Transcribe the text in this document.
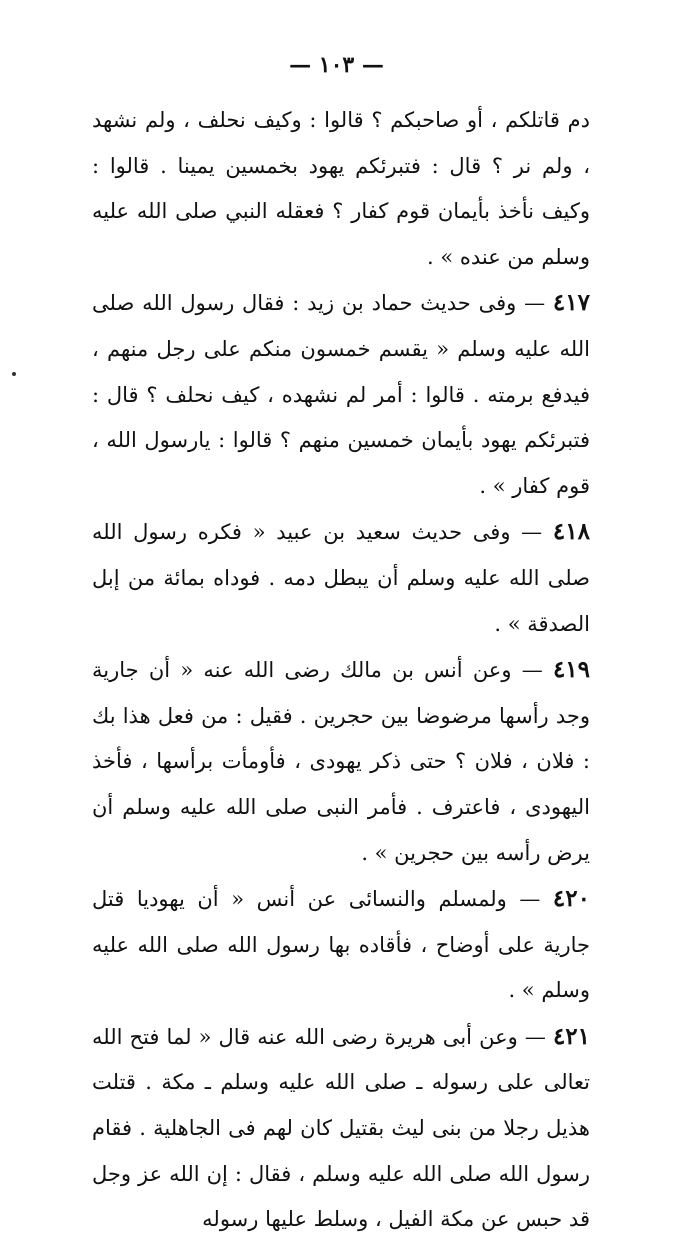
— ١٠٣ —

دم قاتلكم ، أو صاحبكم ؟ قالوا : وكيف نحلف ، ولم نشهد ، ولم نر ؟ قال : فتبرئكم يهود بخمسين يمينا . قالوا : وكيف نأخذ بأيمان قوم كفار ؟ فعقله النبي صلى الله عليه وسلم من عنده » .

٤١٧ — وفى حديث حماد بن زيد : فقال رسول الله صلى الله عليه وسلم « يقسم خمسون منكم على رجل منهم ، فيدفع برمته . قالوا : أمر لم نشهده ، كيف نحلف ؟ قال : فتبرئكم يهود بأيمان خمسين منهم ؟ قالوا : يارسول الله ، قوم كفار » .

٤١٨ — وفى حديث سعيد بن عبيد « فكره رسول الله صلى الله عليه وسلم أن يبطل دمه . فوداه بمائة من إبل الصدقة » .

٤١٩ — وعن أنس بن مالك رضى الله عنه « أن جارية وجد رأسها مرضوضا بين حجرين . فقيل : من فعل هذا بك : فلان ، فلان ؟ حتى ذكر يهودى ، فأومأت برأسها ، فأخذ اليهودى ، فاعترف . فأمر النبى صلى الله عليه وسلم أن يرض رأسه بين حجرين » .

٤٢٠ — ولمسلم والنسائى عن أنس « أن يهوديا قتل جارية على أوضاح ، فأقاده بها رسول الله صلى الله عليه وسلم » .

٤٢١ — وعن أبى هريرة رضى الله عنه قال « لما فتح الله تعالى على رسوله ـ صلى الله عليه وسلم ـ مكة . قتلت هذيل رجلا من بنى ليث بقتيل كان لهم فى الجاهلية . فقام رسول الله صلى الله عليه وسلم ، فقال : إن الله عز وجل قد حبس عن مكة الفيل ، وسلط عليها رسوله
